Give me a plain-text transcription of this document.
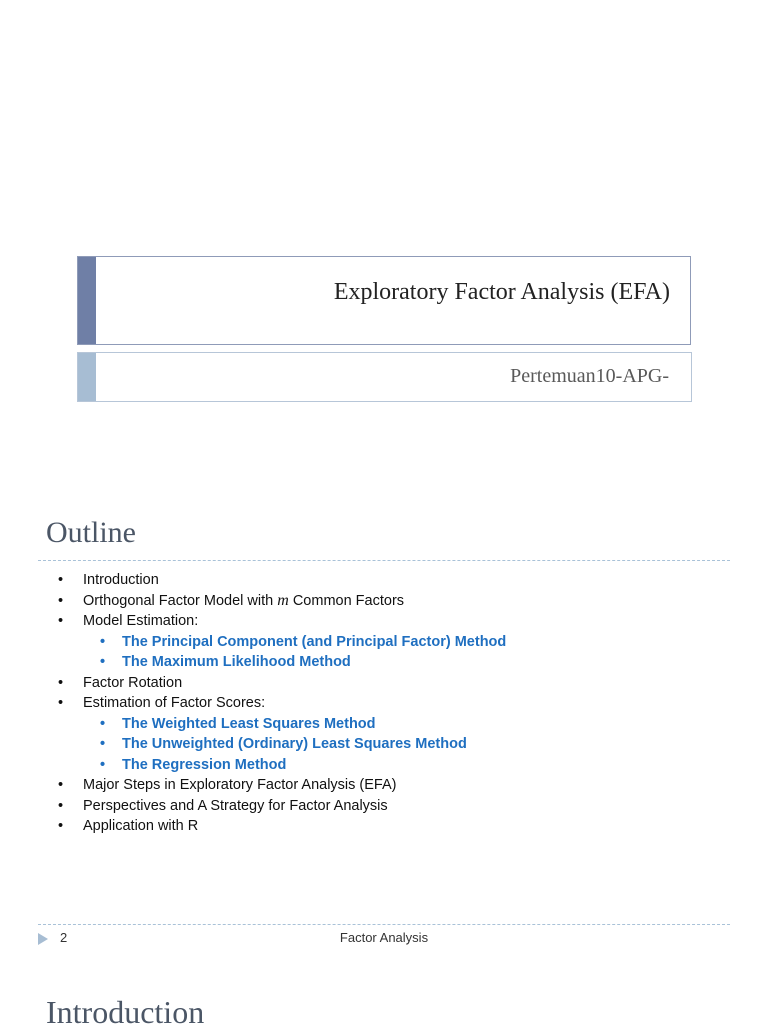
Exploratory Factor Analysis (EFA)
Pertemuan10-APG-
Outline
• Introduction
• Orthogonal Factor Model with m Common Factors
• Model Estimation:
• The Principal Component (and Principal Factor) Method
• The Maximum Likelihood Method
• Factor Rotation
• Estimation of Factor Scores:
• The Weighted Least Squares Method
• The Unweighted (Ordinary) Least Squares Method
• The Regression Method
• Major Steps in Exploratory Factor Analysis (EFA)
• Perspectives and A Strategy for Factor Analysis
• Application with R
2	Factor Analysis
Introduction
